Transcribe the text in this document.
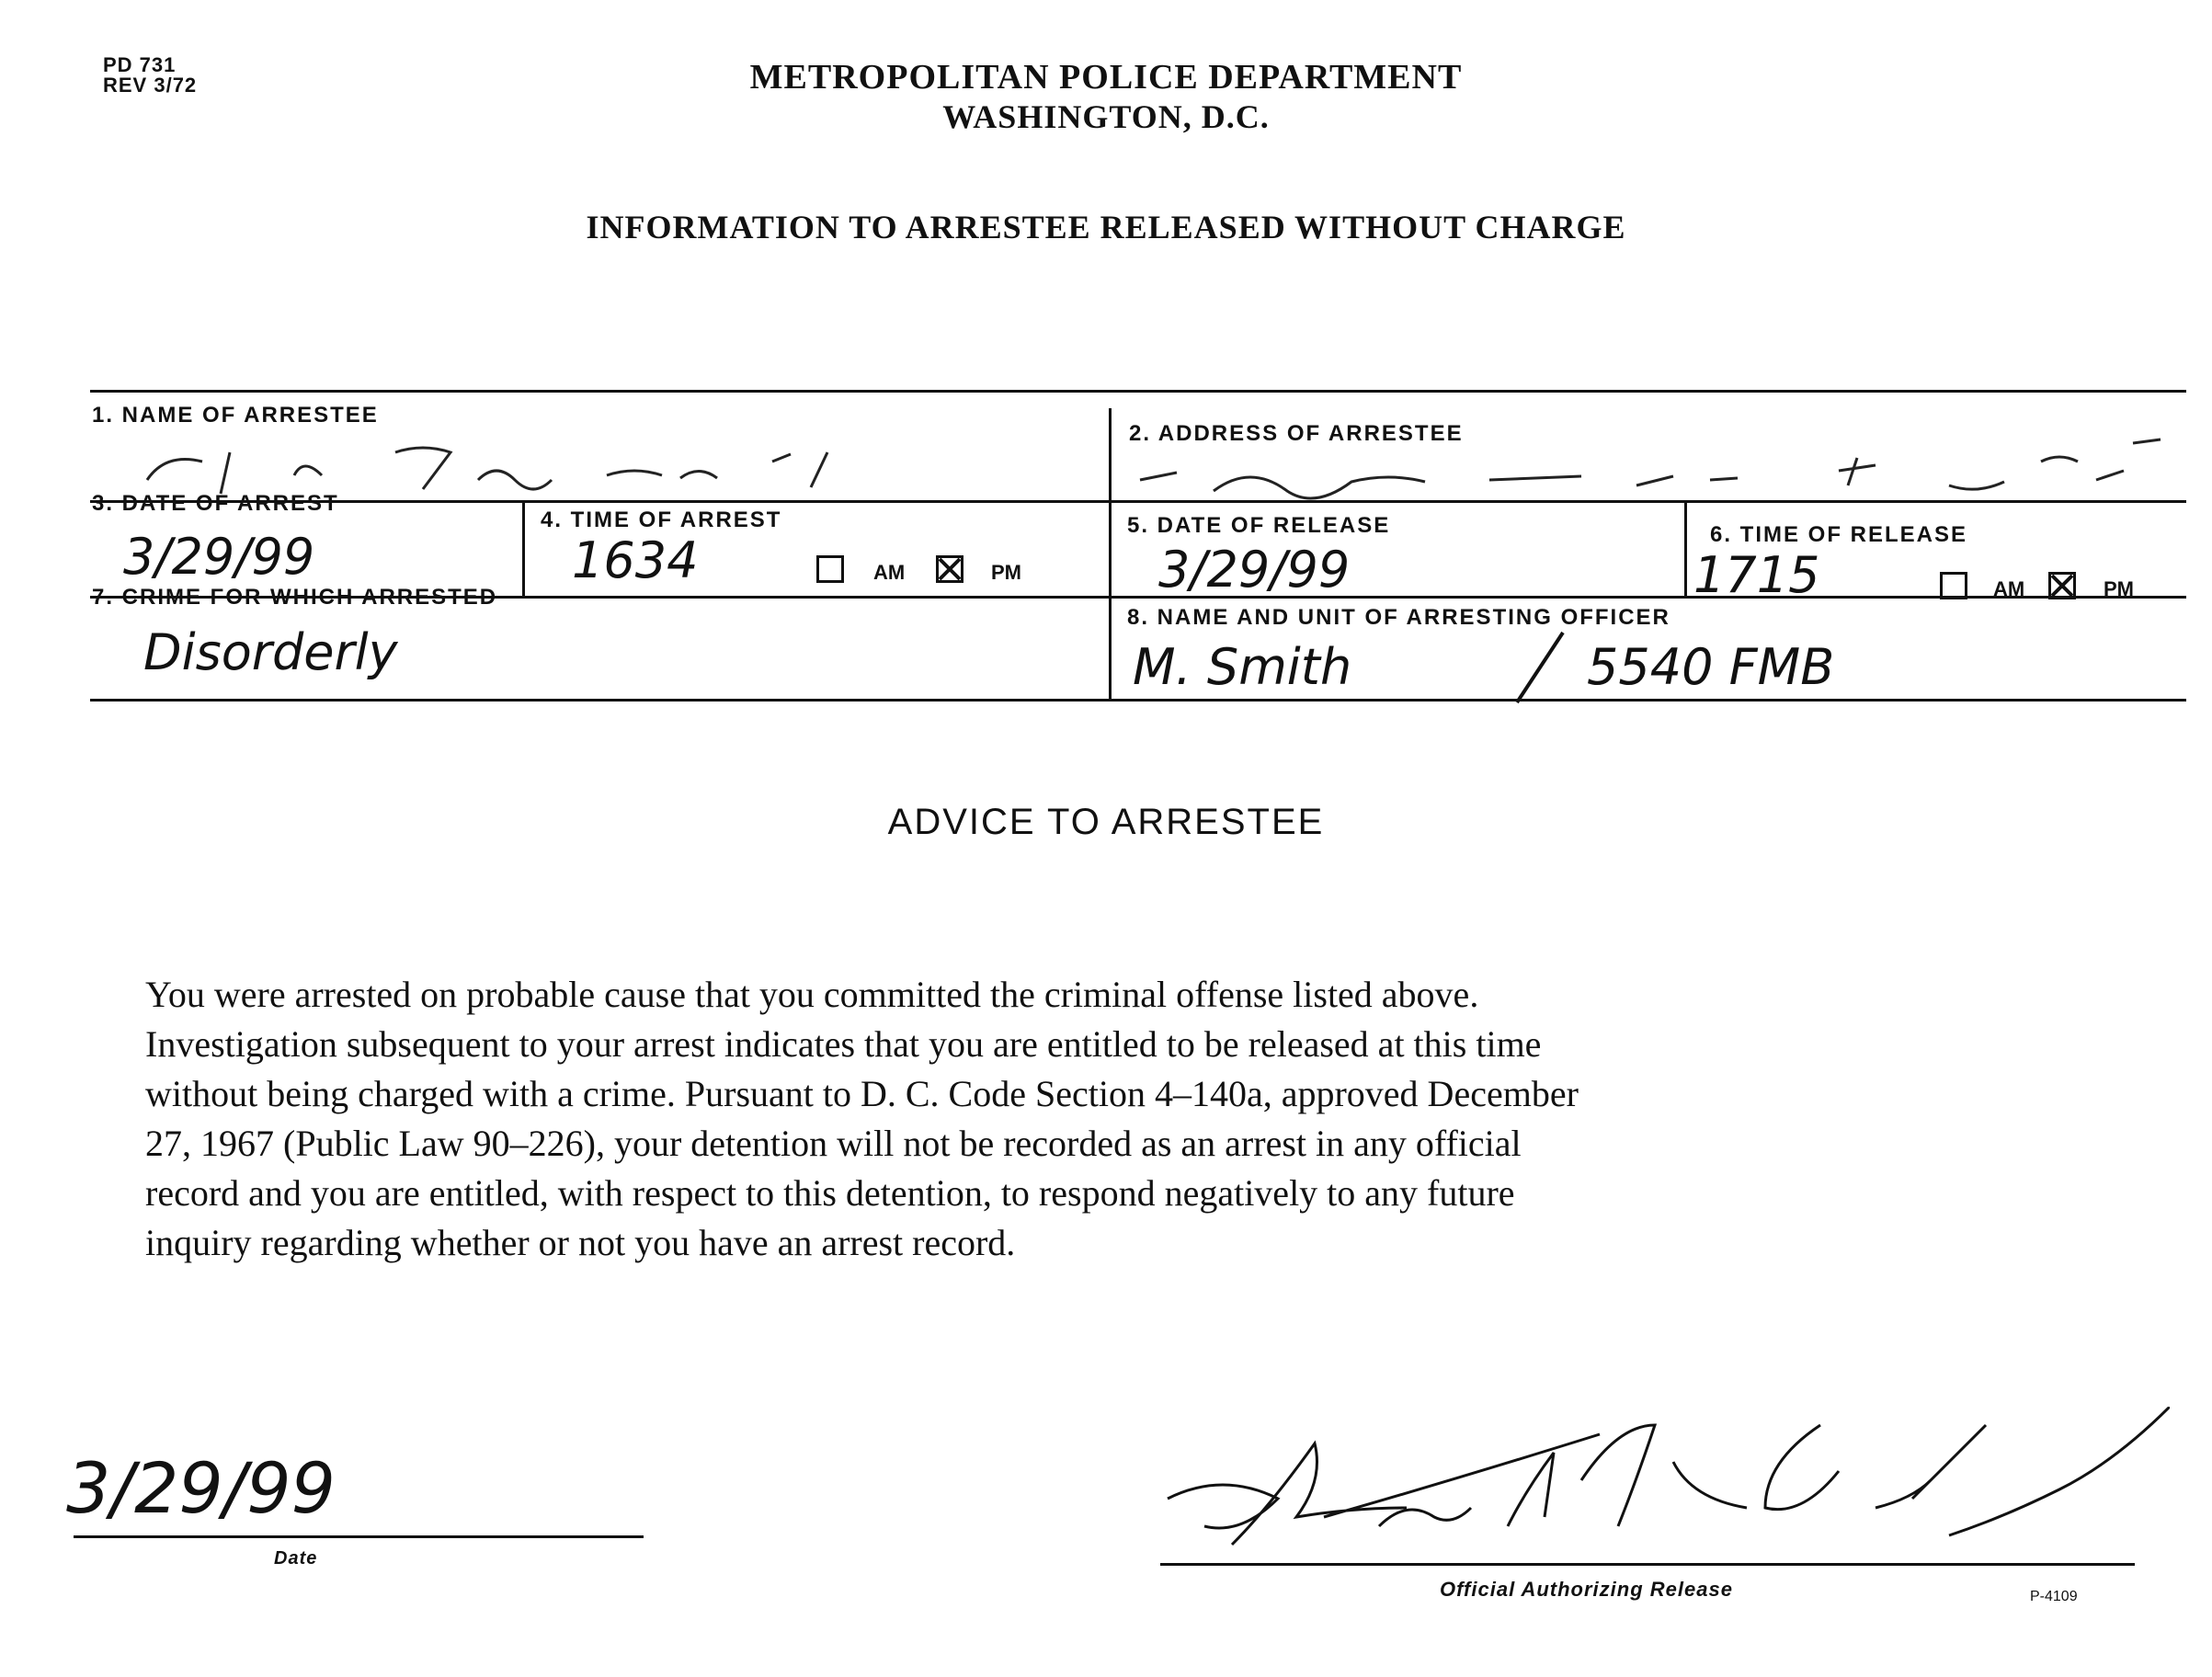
PD 731
REV 3/72	METROPOLITAN POLICE DEPARTMENT
WASHINGTON, D.C.
INFORMATION TO ARRESTEE RELEASED WITHOUT CHARGE
1. NAME OF ARRESTEE
2. ADDRESS OF ARRESTEE
3. DATE OF ARREST
3/29/99
4. TIME OF ARREST
1634	AM	PM
5. DATE OF RELEASE
3/29/99
6. TIME OF RELEASE
1715	AM	PM
7. CRIME FOR WHICH ARRESTED
Disorderly
8. NAME AND UNIT OF ARRESTING OFFICER
M. Smith	5540 FMB
ADVICE TO ARRESTEE
You were arrested on probable cause that you committed the criminal offense listed above.
Investigation subsequent to your arrest indicates that you are entitled to be released at this time
without being charged with a crime. Pursuant to D. C. Code Section 4–140a, approved December
27, 1967 (Public Law 90–226), your detention will not be recorded as an arrest in any official
record and you are entitled, with respect to this detention, to respond negatively to any future
inquiry regarding whether or not you have an arrest record.
3/29/99
Date
Official Authorizing Release	P-4109
